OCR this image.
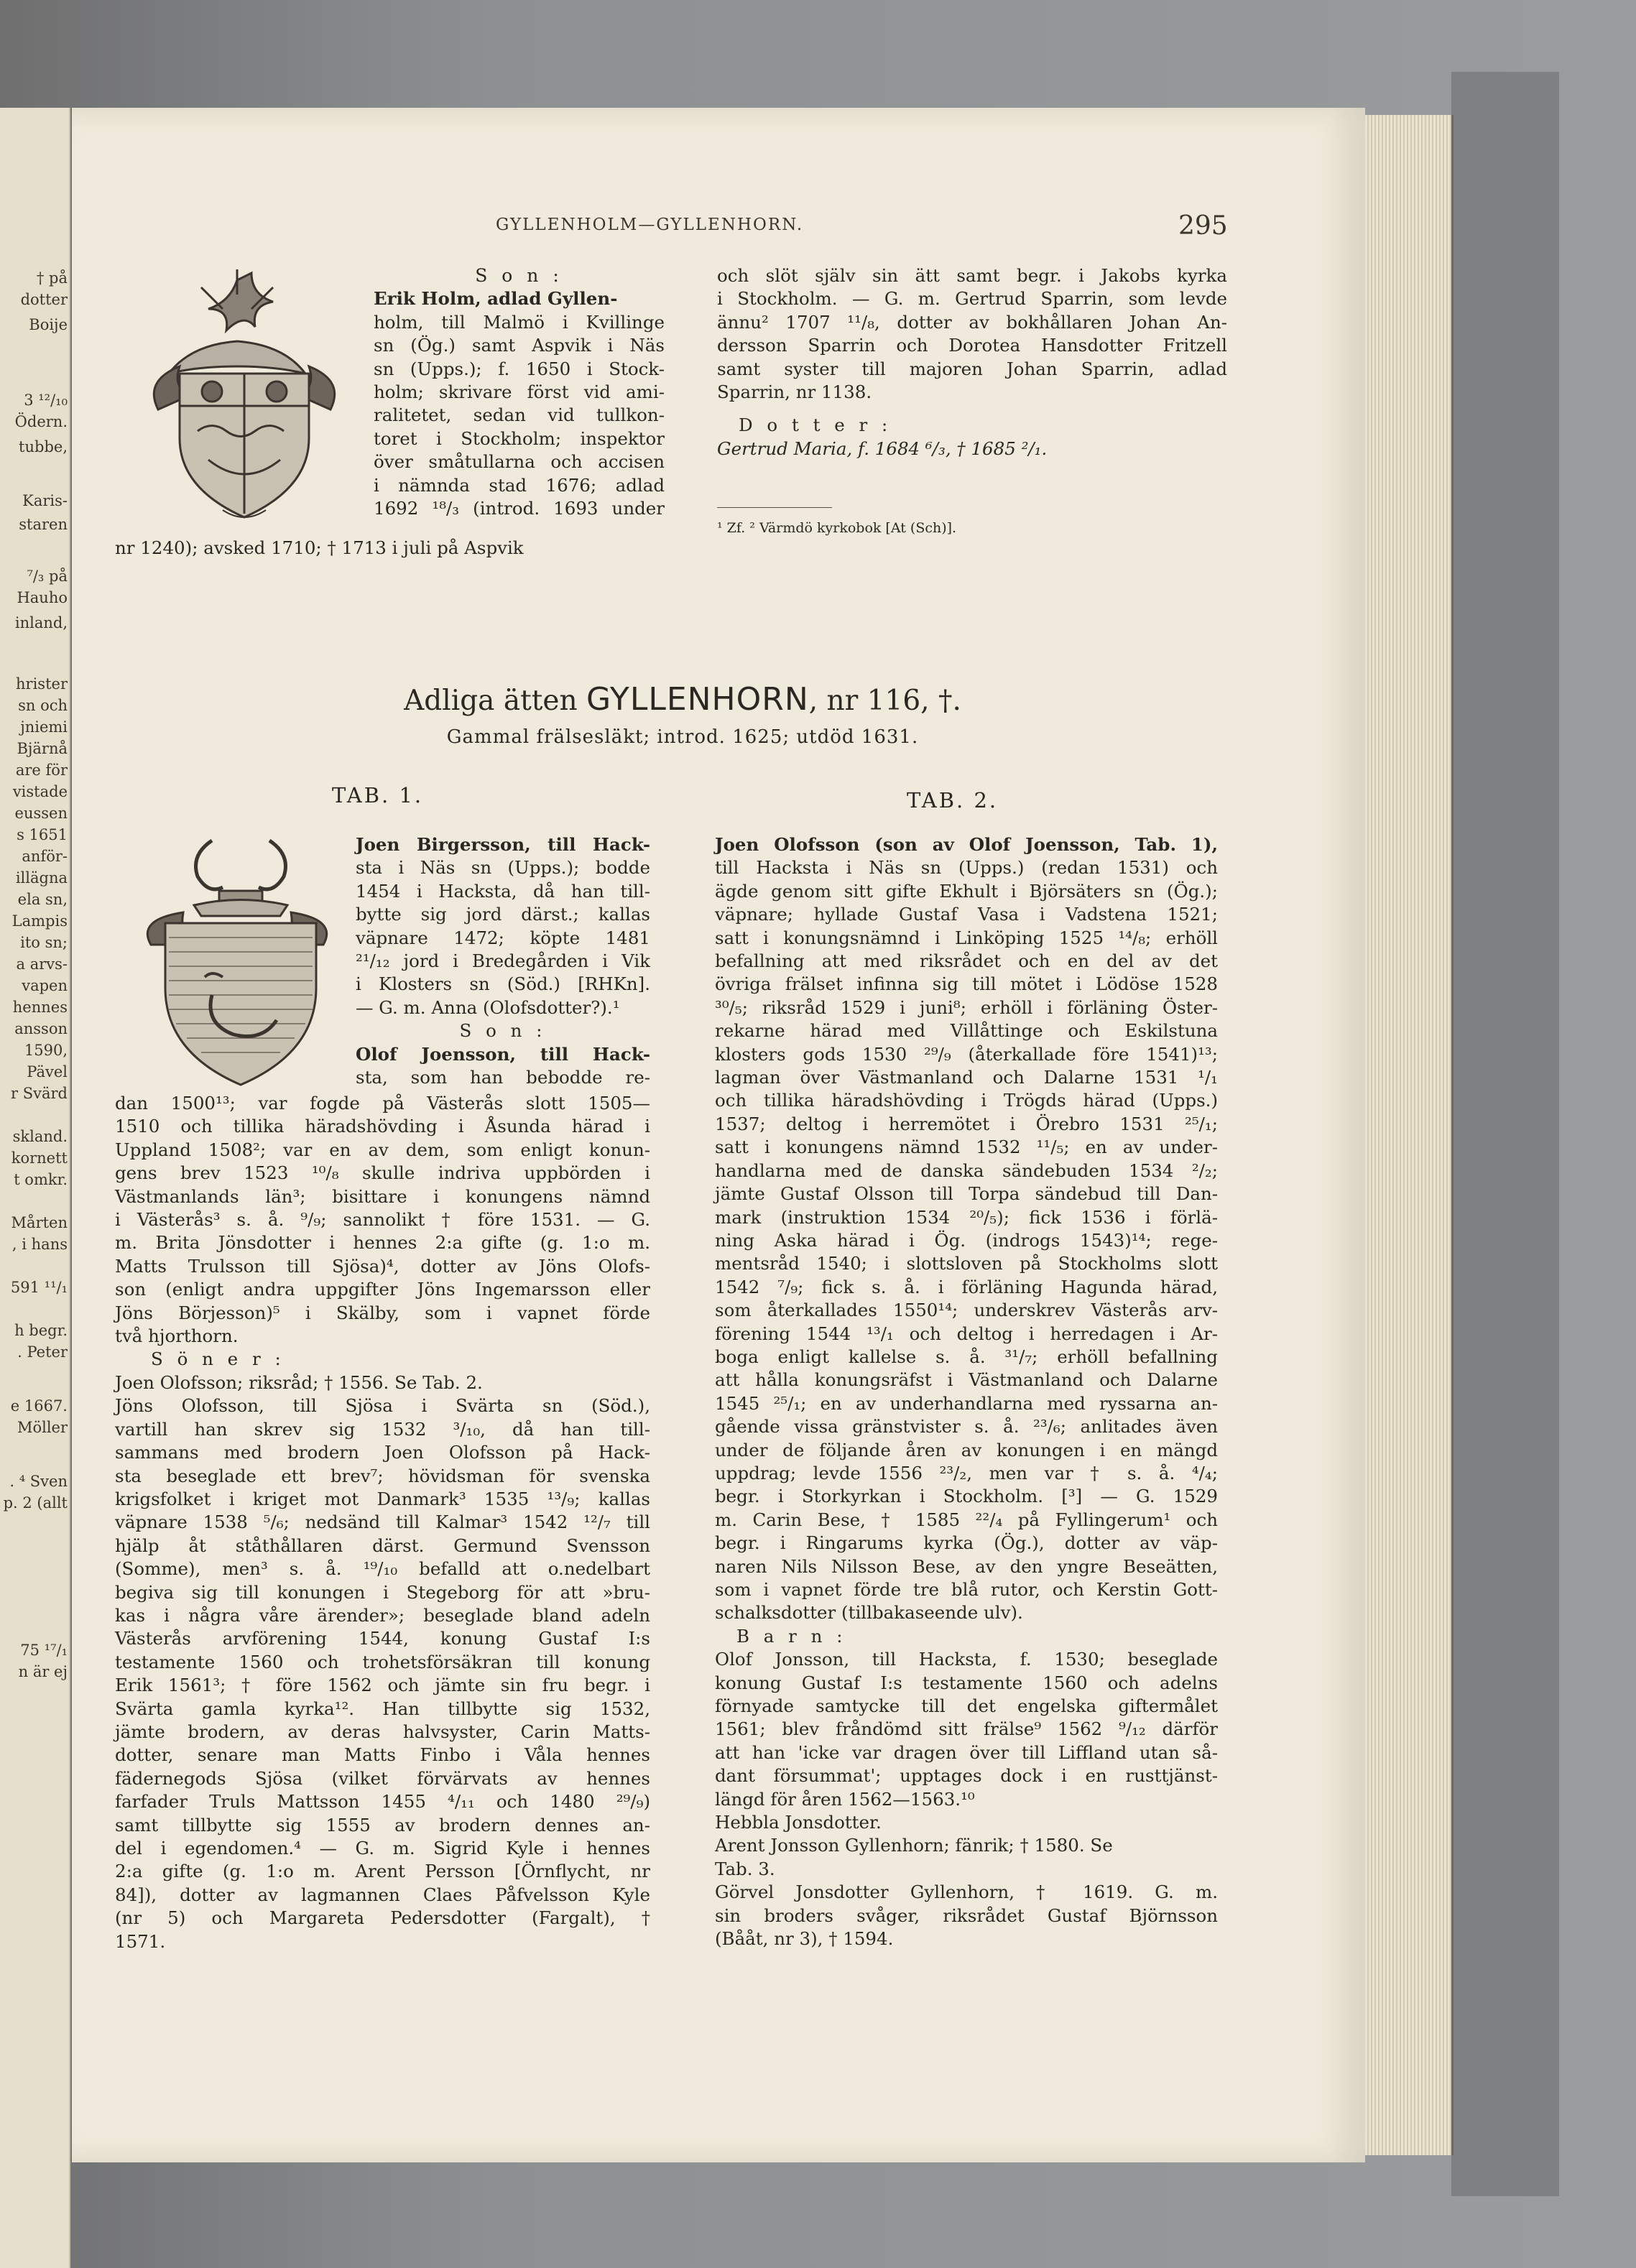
† på
dotter
Boije
3 ¹²/₁₀
Ödern.
tubbe,
Karis-
staren
⁷/₃ på
Hauho
inland,
hrister
sn och
jniemi
Bjärnå
are för
vistade
eussen
s 1651
anför-
illägna
ela sn,
Lampis
ito sn;
a arvs-
vapen
hennes
ansson
1590,
Pävel
r Svärd
skland.
kornett
t omkr.
Mårten
, i hans
591 ¹¹/₁
h begr.
. Peter
e 1667.
Möller
. ⁴ Sven
p. 2 (allt
75 ¹⁷/₁
n är ej
GYLLENHOLM—GYLLENHORN.	295

S o n :

Erik Holm, adlad Gyllen-

holm, till Malmö i Kvillinge

sn (Ög.) samt Aspvik i Näs

sn (Upps.); f. 1650 i Stock-

holm; skrivare först vid ami-

ralitetet, sedan vid tullkon-

toret i Stockholm; inspektor

över småtullarna och accisen

i nämnda stad 1676; adlad

1692 ¹⁸/₃ (introd. 1693 under

nr 1240); avsked 1710; † 1713 i juli på Aspvik

och slöt själv sin ätt samt begr. i Jakobs kyrka

i Stockholm. — G. m. Gertrud Sparrin, som levde

ännu² 1707 ¹¹/₈, dotter av bokhållaren Johan An-

dersson Sparrin och Dorotea Hansdotter Fritzell

samt syster till majoren Johan Sparrin, adlad

Sparrin, nr 1138.

D o t t e r :

Gertrud Maria, f. 1684 ⁶/₃, † 1685 ²/₁.

¹ Zf. ² Värmdö kyrkobok [At (Sch)].
Adliga ätten GYLLENHORN, nr 116, †.
Gammal frälsesläkt; introd. 1625; utdöd 1631.
TAB. 1.	TAB. 2.

Joen Birgersson, till Hack-

sta i Näs sn (Upps.); bodde

1454 i Hacksta, då han till-

bytte sig jord därst.; kallas

väpnare 1472; köpte 1481

²¹/₁₂ jord i Bredegården i Vik

i Klosters sn (Söd.) [RHKn].

— G. m. Anna (Olofsdotter?).¹

S o n :

Olof Joensson, till Hack-

sta, som han bebodde re-

dan 1500¹³; var fogde på Västerås slott 1505—

1510 och tillika häradshövding i Åsunda härad i

Uppland 1508²; var en av dem, som enligt konun-

gens brev 1523 ¹⁰/₈ skulle indriva uppbörden i

Västmanlands län³; bisittare i konungens nämnd

i Västerås³ s. å. ⁹/₉; sannolikt † före 1531. — G.

m. Brita Jönsdotter i hennes 2:a gifte (g. 1:o m.

Matts Trulsson till Sjösa)⁴, dotter av Jöns Olofs-

son (enligt andra uppgifter Jöns Ingemarsson eller

Jöns Börjesson)⁵ i Skälby, som i vapnet förde

två hjorthorn.

S ö n e r :

Joen Olofsson; riksråd; † 1556. Se Tab. 2.

Jöns Olofsson, till Sjösa i Svärta sn (Söd.),

vartill han skrev sig 1532 ³/₁₀, då han till-

sammans med brodern Joen Olofsson på Hack-

sta beseglade ett brev⁷; hövidsman för svenska

krigsfolket i kriget mot Danmark³ 1535 ¹³/₉; kallas

väpnare 1538 ⁵/₆; nedsänd till Kalmar³ 1542 ¹²/₇ till

hjälp åt ståthållaren därst. Germund Svensson

(Somme), men³ s. å. ¹⁹/₁₀ befalld att o.nedelbart

begiva sig till konungen i Stegeborg för att »bru-

kas i några våre ärender»; beseglade bland adeln

Västerås arvförening 1544, konung Gustaf I:s

testamente 1560 och trohetsförsäkran till konung

Erik 1561³; † före 1562 och jämte sin fru begr. i

Svärta gamla kyrka¹². Han tillbytte sig 1532,

jämte brodern, av deras halvsyster, Carin Matts-

dotter, senare man Matts Finbo i Våla hennes

fädernegods Sjösa (vilket förvärvats av hennes

farfader Truls Mattsson 1455 ⁴/₁₁ och 1480 ²⁹/₉)

samt tillbytte sig 1555 av brodern dennes an-

del i egendomen.⁴ — G. m. Sigrid Kyle i hennes

2:a gifte (g. 1:o m. Arent Persson [Örnflycht, nr

84]), dotter av lagmannen Claes Påfvelsson Kyle

(nr 5) och Margareta Pedersdotter (Fargalt), †

1571.

Joen Olofsson (son av Olof Joensson, Tab. 1),

till Hacksta i Näs sn (Upps.) (redan 1531) och

ägde genom sitt gifte Ekhult i Björsäters sn (Ög.);

väpnare; hyllade Gustaf Vasa i Vadstena 1521;

satt i konungsnämnd i Linköping 1525 ¹⁴/₈; erhöll

befallning att med riksrådet och en del av det

övriga frälset infinna sig till mötet i Lödöse 1528

³⁰/₅; riksråd 1529 i juni⁸; erhöll i förläning Öster-

rekarne härad med Villåttinge och Eskilstuna

klosters gods 1530 ²⁹/₉ (återkallade före 1541)¹³;

lagman över Västmanland och Dalarne 1531 ¹/₁

och tillika häradshövding i Trögds härad (Upps.)

1537; deltog i herremötet i Örebro 1531 ²⁵/₁;

satt i konungens nämnd 1532 ¹¹/₅; en av under-

handlarna med de danska sändebuden 1534 ²/₂;

jämte Gustaf Olsson till Torpa sändebud till Dan-

mark (instruktion 1534 ²⁰/₅); fick 1536 i förlä-

ning Aska härad i Ög. (indrogs 1543)¹⁴; rege-

mentsråd 1540; i slottsloven på Stockholms slott

1542 ⁷/₉; fick s. å. i förläning Hagunda härad,

som återkallades 1550¹⁴; underskrev Västerås arv-

förening 1544 ¹³/₁ och deltog i herredagen i Ar-

boga enligt kallelse s. å. ³¹/₇; erhöll befallning

att hålla konungsräfst i Västmanland och Dalarne

1545 ²⁵/₁; en av underhandlarna med ryssarna an-

gående vissa gränstvister s. å. ²³/₆; anlitades även

under de följande åren av konungen i en mängd

uppdrag; levde 1556 ²³/₂, men var † s. å. ⁴/₄;

begr. i Storkyrkan i Stockholm. [³] — G. 1529

m. Carin Bese, † 1585 ²²/₄ på Fyllingerum¹ och

begr. i Ringarums kyrka (Ög.), dotter av väp-

naren Nils Nilsson Bese, av den yngre Beseätten,

som i vapnet förde tre blå rutor, och Kerstin Gott-

schalksdotter (tillbakaseende ulv).

B a r n :

Olof Jonsson, till Hacksta, f. 1530; beseglade

konung Gustaf I:s testamente 1560 och adelns

förnyade samtycke till det engelska giftermålet

1561; blev fråndömd sitt frälse⁹ 1562 ⁹/₁₂ därför

att han 'icke var dragen över till Liffland utan så-

dant försummat'; upptages dock i en rusttjänst-

längd för åren 1562—1563.¹⁰

Hebbla Jonsdotter.

Arent Jonsson Gyllenhorn; fänrik; † 1580. Se

Tab. 3.

Görvel Jonsdotter Gyllenhorn, † 1619. G. m.

sin broders svåger, riksrådet Gustaf Björnsson

(Bååt, nr 3), † 1594.
